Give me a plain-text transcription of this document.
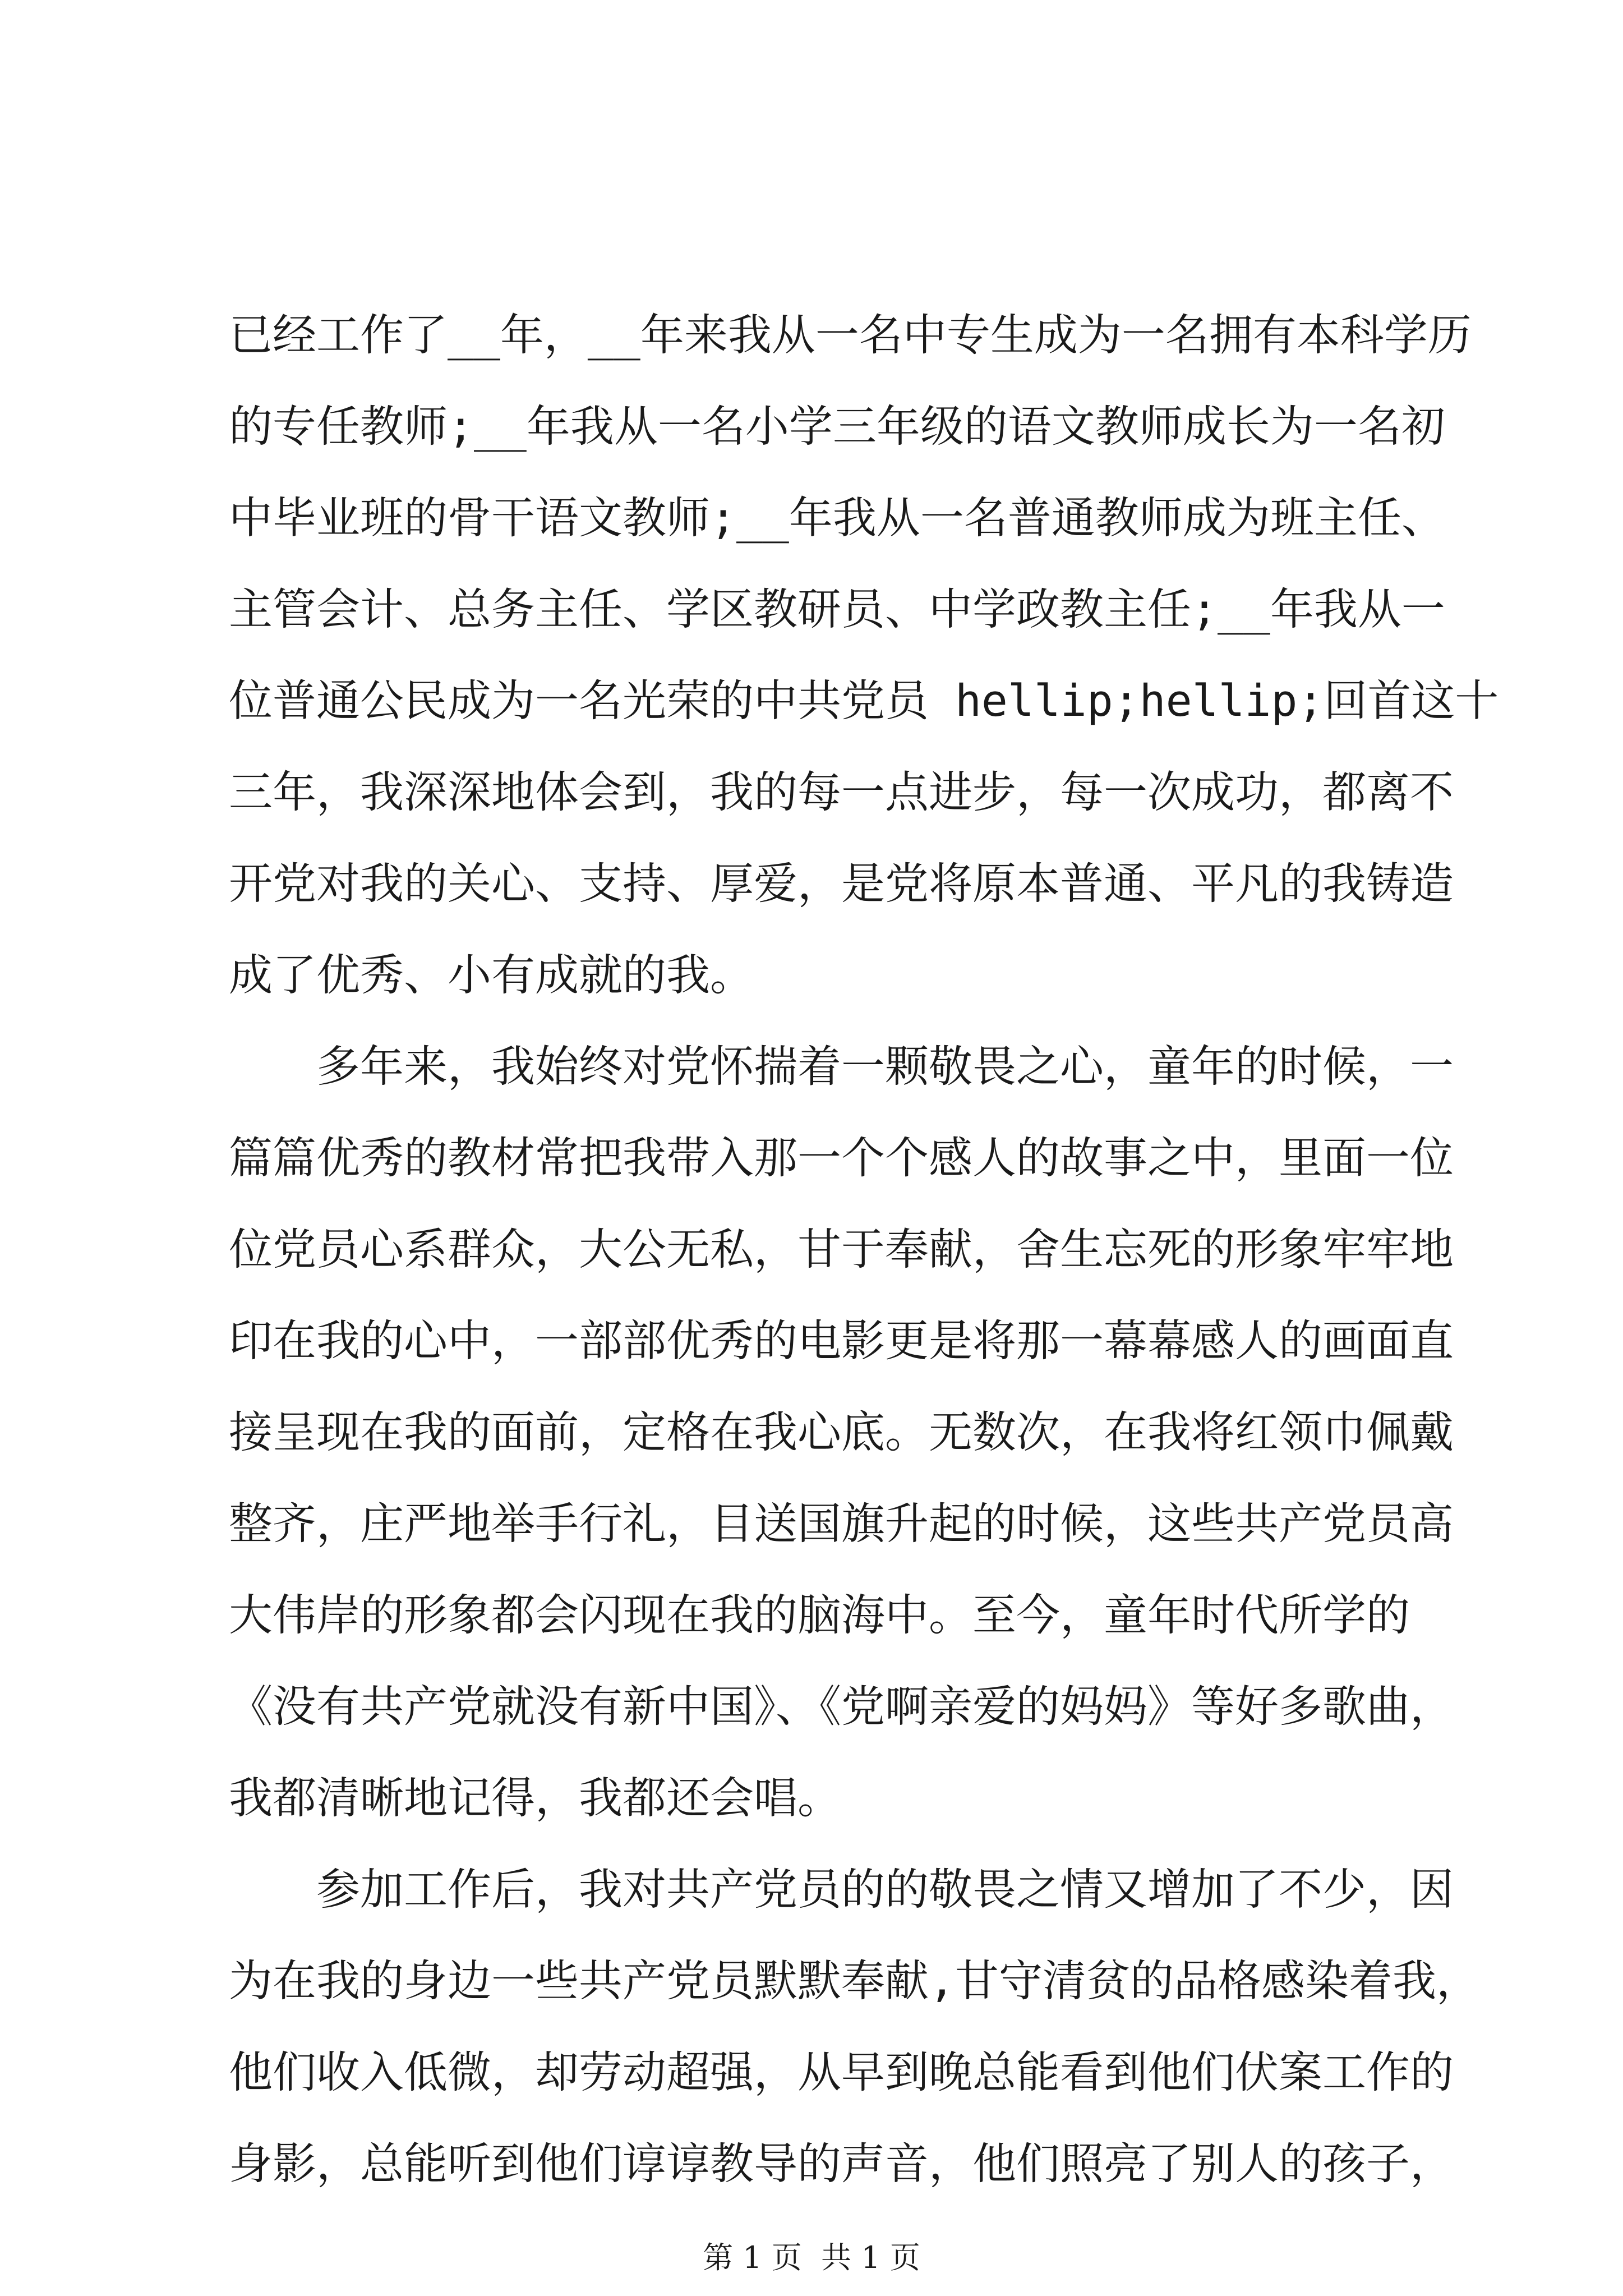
已经工作了__年，__年来我从一名中专生成为一名拥有本科学历
的专任教师;__年我从一名小学三年级的语文教师成长为一名初
中毕业班的骨干语文教师;__年我从一名普通教师成为班主任、
主管会计、总务主任、学区教研员、中学政教主任;__年我从一
位普通公民成为一名光荣的中共党员 hellip;hellip;回首这十
三年，我深深地体会到，我的每一点进步，每一次成功，都离不
开党对我的关心、支持、厚爱，是党将原本普通、平凡的我铸造
成了优秀、小有成就的我。
　　多年来，我始终对党怀揣着一颗敬畏之心，童年的时候，一
篇篇优秀的教材常把我带入那一个个感人的故事之中，里面一位
位党员心系群众，大公无私，甘于奉献，舍生忘死的形象牢牢地
印在我的心中，一部部优秀的电影更是将那一幕幕感人的画面直
接呈现在我的面前，定格在我心底。无数次，在我将红领巾佩戴
整齐，庄严地举手行礼，目送国旗升起的时候，这些共产党员高
大伟岸的形象都会闪现在我的脑海中。至今，童年时代所学的
《没有共产党就没有新中国》、《党啊亲爱的妈妈》等好多歌曲，
我都清晰地记得，我都还会唱。
　　参加工作后，我对共产党员的的敬畏之情又增加了不少，因
为在我的身边一些共产党员默默奉献,甘守清贫的品格感染着我，
他们收入低微，却劳动超强，从早到晚总能看到他们伏案工作的
身影，总能听到他们谆谆教导的声音，他们照亮了别人的孩子，
第 1 页  共 1 页
